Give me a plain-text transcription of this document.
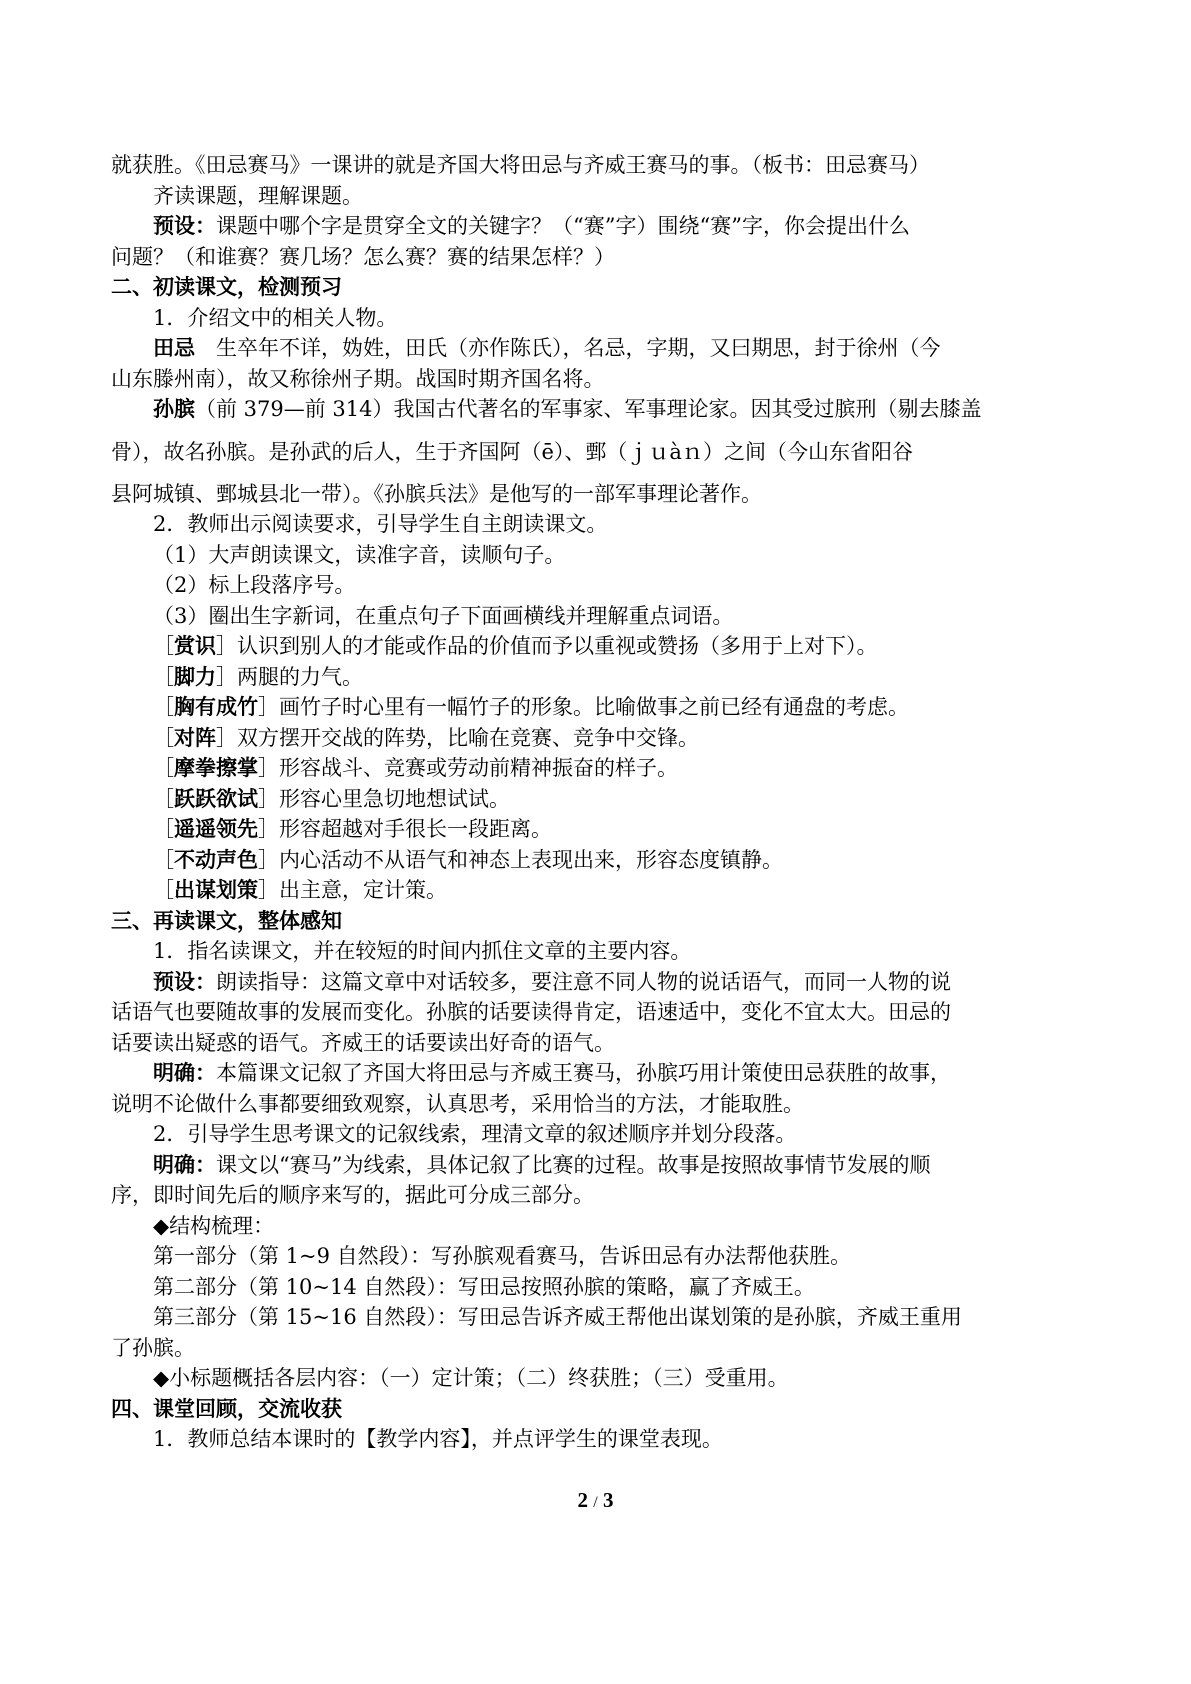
就获胜。《田忌赛马》一课讲的就是齐国大将田忌与齐威王赛马的事。（板书：田忌赛马）
齐读课题，理解课题。
预设：课题中哪个字是贯穿全文的关键字？（“赛”字）围绕“赛”字，你会提出什么
问题？（和谁赛？赛几场？怎么赛？赛的结果怎样？）
二、初读课文，检测预习
1．介绍文中的相关人物。
田忌　生卒年不详，妫姓，田氏（亦作陈氏），名忌，字期，又曰期思，封于徐州（今
山东滕州南），故又称徐州子期。战国时期齐国名将。
孙膑（前 379—前 314）我国古代著名的军事家、军事理论家。因其受过膑刑（剔去膝盖
骨），故名孙膑。是孙武的后人，生于齐国阿（ē）、鄄（ｊｕàｎ）之间（今山东省阳谷
县阿城镇、鄄城县北一带）。《孙膑兵法》是他写的一部军事理论著作。
2．教师出示阅读要求，引导学生自主朗读课文。
（1）大声朗读课文，读准字音，读顺句子。
（2）标上段落序号。
（3）圈出生字新词，在重点句子下面画横线并理解重点词语。
［赏识］认识到别人的才能或作品的价值而予以重视或赞扬（多用于上对下）。
［脚力］两腿的力气。
［胸有成竹］画竹子时心里有一幅竹子的形象。比喻做事之前已经有通盘的考虑。
［对阵］双方摆开交战的阵势，比喻在竞赛、竞争中交锋。
［摩拳擦掌］形容战斗、竞赛或劳动前精神振奋的样子。
［跃跃欲试］形容心里急切地想试试。
［遥遥领先］形容超越对手很长一段距离。
［不动声色］内心活动不从语气和神态上表现出来，形容态度镇静。
［出谋划策］出主意，定计策。
三、再读课文，整体感知
1．指名读课文，并在较短的时间内抓住文章的主要内容。
预设：朗读指导：这篇文章中对话较多，要注意不同人物的说话语气，而同一人物的说
话语气也要随故事的发展而变化。孙膑的话要读得肯定，语速适中，变化不宜太大。田忌的
话要读出疑惑的语气。齐威王的话要读出好奇的语气。
明确：本篇课文记叙了齐国大将田忌与齐威王赛马，孙膑巧用计策使田忌获胜的故事，
说明不论做什么事都要细致观察，认真思考，采用恰当的方法，才能取胜。
2．引导学生思考课文的记叙线索，理清文章的叙述顺序并划分段落。
明确：课文以“赛马”为线索，具体记叙了比赛的过程。故事是按照故事情节发展的顺
序，即时间先后的顺序来写的，据此可分成三部分。
◆结构梳理：
第一部分（第 1~9 自然段）：写孙膑观看赛马，告诉田忌有办法帮他获胜。
第二部分（第 10~14 自然段）：写田忌按照孙膑的策略，赢了齐威王。
第三部分（第 15~16 自然段）：写田忌告诉齐威王帮他出谋划策的是孙膑，齐威王重用
了孙膑。
◆小标题概括各层内容：（一）定计策；（二）终获胜；（三）受重用。
四、课堂回顾，交流收获
1．教师总结本课时的【教学内容】，并点评学生的课堂表现。
2 / 3
